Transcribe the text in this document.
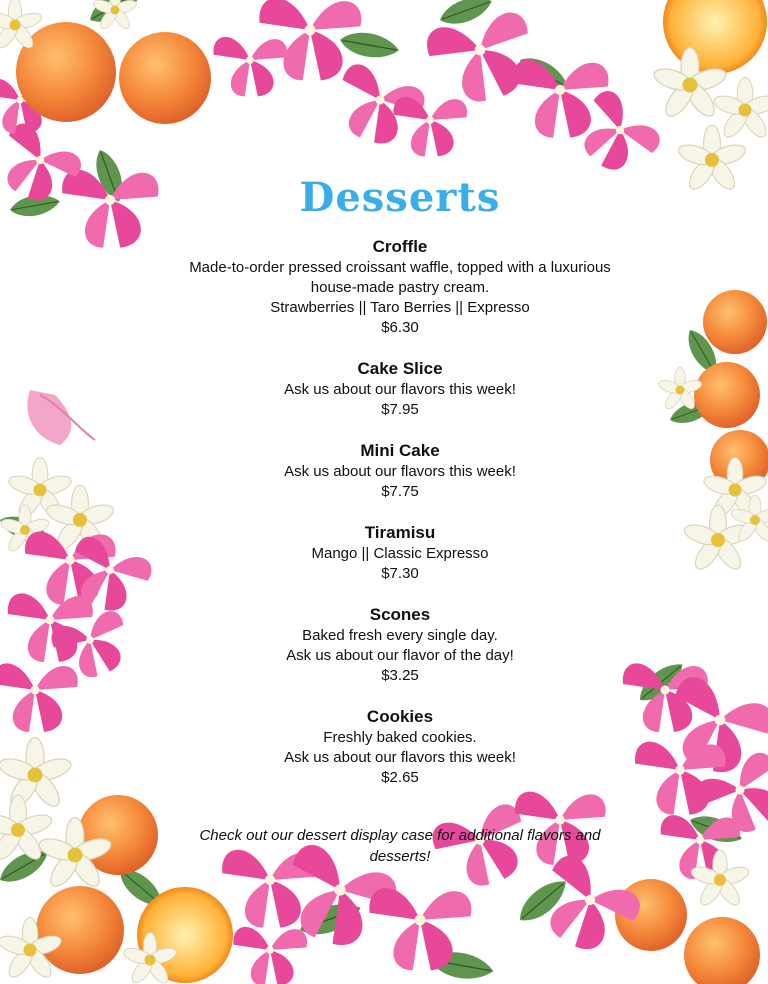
Desserts

Croffle

Made-to-order pressed croissant waffle, topped with a luxurious

house-made pastry cream.

Strawberries || Taro Berries || Expresso

$6.30

Cake Slice

Ask us about our flavors this week!

$7.95

Mini Cake

Ask us about our flavors this week!

$7.75

Tiramisu

Mango || Classic Expresso

$7.30

Scones

Baked fresh every single day.

Ask us about our flavor of the day!

$3.25

Cookies

Freshly baked cookies.

Ask us about our flavors this week!

$2.65

Check out our dessert display case for additional flavors and desserts!
